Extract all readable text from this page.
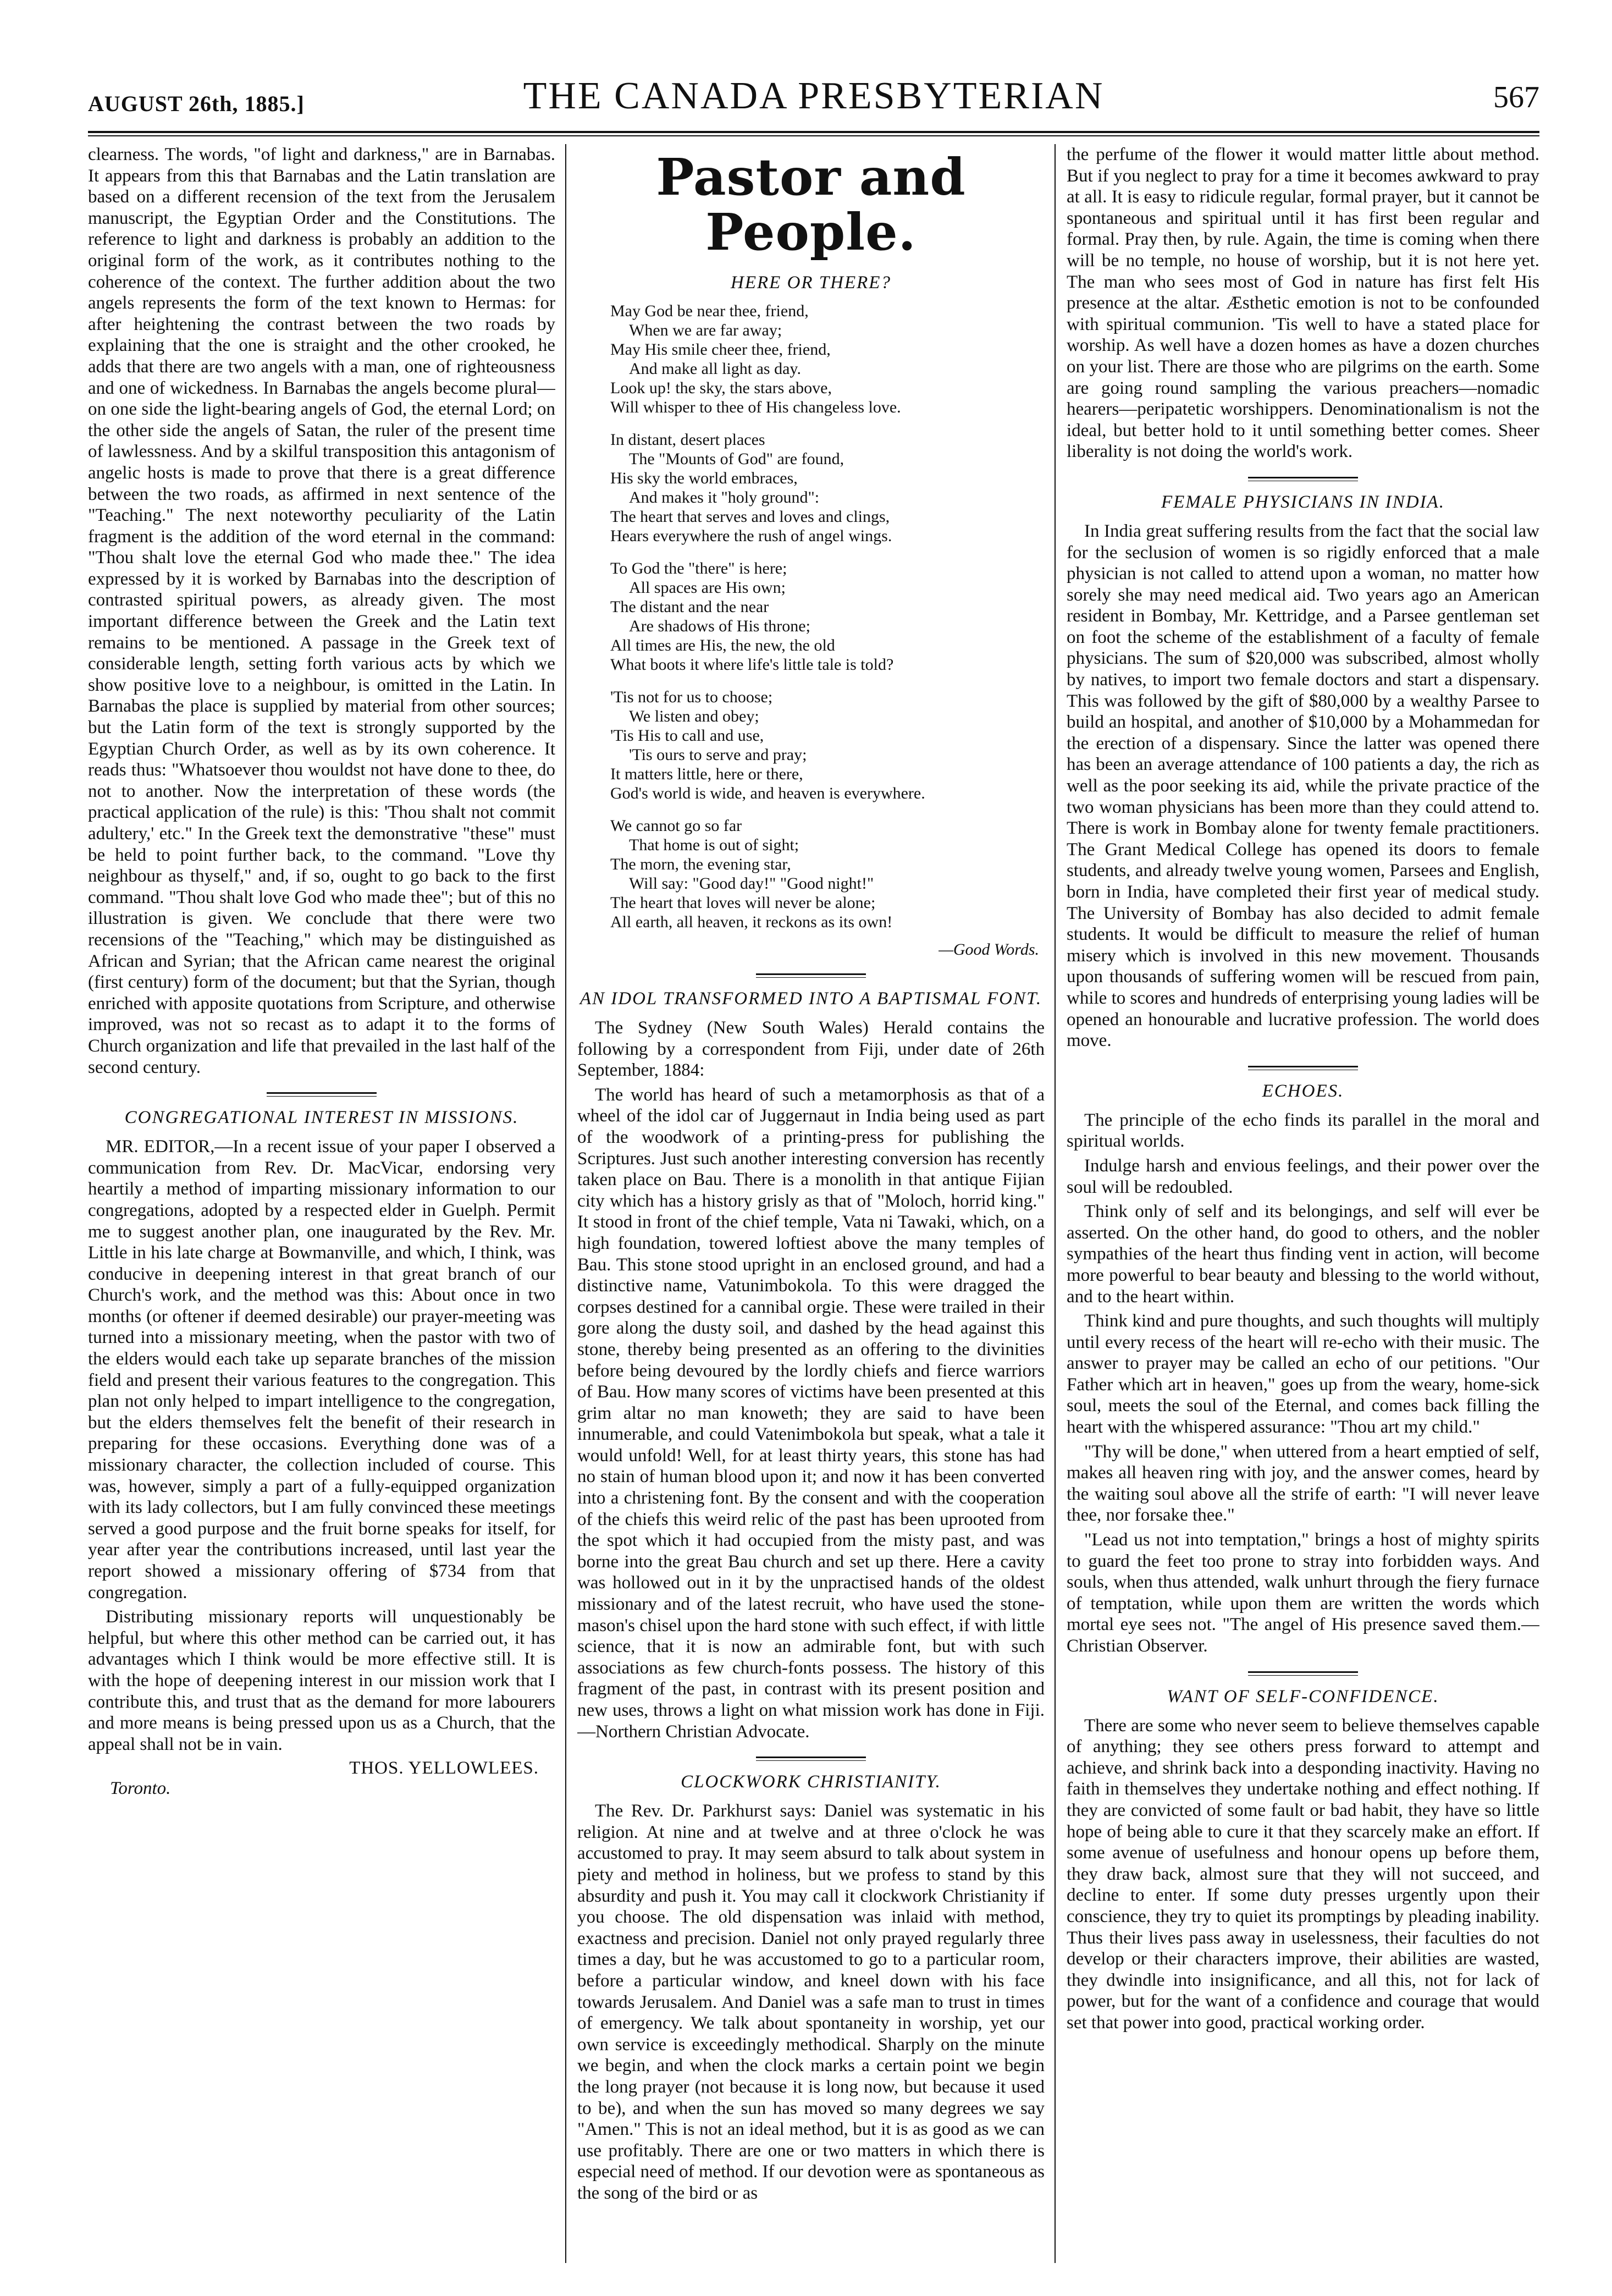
AUGUST 26th, 1885.]	THE CANADA PRESBYTERIAN	567

clearness. The words, "of light and darkness," are in Barnabas. It appears from this that Barnabas and the Latin translation are based on a different recension of the text from the Jerusalem manuscript, the Egyptian Order and the Constitutions. The reference to light and darkness is probably an addition to the original form of the work, as it contributes nothing to the coherence of the context. The further addition about the two angels represents the form of the text known to Hermas: for after heightening the contrast between the two roads by explaining that the one is straight and the other crooked, he adds that there are two angels with a man, one of righteousness and one of wickedness. In Barnabas the angels become plural—on one side the light-bearing angels of God, the eternal Lord; on the other side the angels of Satan, the ruler of the present time of lawlessness. And by a skilful transposition this antagonism of angelic hosts is made to prove that there is a great difference between the two roads, as affirmed in next sentence of the "Teaching." The next noteworthy peculiarity of the Latin fragment is the addition of the word eternal in the command: "Thou shalt love the eternal God who made thee." The idea expressed by it is worked by Barnabas into the description of contrasted spiritual powers, as already given. The most important difference between the Greek and the Latin text remains to be mentioned. A passage in the Greek text of considerable length, setting forth various acts by which we show positive love to a neighbour, is omitted in the Latin. In Barnabas the place is supplied by material from other sources; but the Latin form of the text is strongly supported by the Egyptian Church Order, as well as by its own coherence. It reads thus: "Whatsoever thou wouldst not have done to thee, do not to another. Now the interpretation of these words (the practical application of the rule) is this: 'Thou shalt not commit adultery,' etc." In the Greek text the demonstrative "these" must be held to point further back, to the command. "Love thy neighbour as thyself," and, if so, ought to go back to the first command. "Thou shalt love God who made thee"; but of this no illustration is given. We conclude that there were two recensions of the "Teaching," which may be distinguished as African and Syrian; that the African came nearest the original (first century) form of the document; but that the Syrian, though enriched with apposite quotations from Scripture, and otherwise improved, was not so recast as to adapt it to the forms of Church organization and life that prevailed in the last half of the second century.

CONGREGATIONAL INTEREST IN MISSIONS.

MR. EDITOR,—In a recent issue of your paper I observed a communication from Rev. Dr. MacVicar, endorsing very heartily a method of imparting missionary information to our congregations, adopted by a respected elder in Guelph. Permit me to suggest another plan, one inaugurated by the Rev. Mr. Little in his late charge at Bowmanville, and which, I think, was conducive in deepening interest in that great branch of our Church's work, and the method was this: About once in two months (or oftener if deemed desirable) our prayer-meeting was turned into a missionary meeting, when the pastor with two of the elders would each take up separate branches of the mission field and present their various features to the congregation. This plan not only helped to impart intelligence to the congregation, but the elders themselves felt the benefit of their research in preparing for these occasions. Everything done was of a missionary character, the collection included of course. This was, however, simply a part of a fully-equipped organization with its lady collectors, but I am fully convinced these meetings served a good purpose and the fruit borne speaks for itself, for year after year the contributions increased, until last year the report showed a missionary offering of $734 from that congregation.

Distributing missionary reports will unquestionably be helpful, but where this other method can be carried out, it has advantages which I think would be more effective still. It is with the hope of deepening interest in our mission work that I contribute this, and trust that as the demand for more labourers and more means is being pressed upon us as a Church, that the appeal shall not be in vain.

THOS. YELLOWLEES.
Toronto.
Pastor and People.
HERE OR THERE?
May God be near thee, friend,
When we are far away;
May His smile cheer thee, friend,
And make all light as day.
Look up! the sky, the stars above,
Will whisper to thee of His changeless love.
In distant, desert places
The "Mounts of God" are found,
His sky the world embraces,
And makes it "holy ground":
The heart that serves and loves and clings,
Hears everywhere the rush of angel wings.
To God the "there" is here;
All spaces are His own;
The distant and the near
Are shadows of His throne;
All times are His, the new, the old
What boots it where life's little tale is told?
'Tis not for us to choose;
We listen and obey;
'Tis His to call and use,
'Tis ours to serve and pray;
It matters little, here or there,
God's world is wide, and heaven is everywhere.
We cannot go so far
That home is out of sight;
The morn, the evening star,
Will say: "Good day!" "Good night!"
The heart that loves will never be alone;
All earth, all heaven, it reckons as its own!
—Good Words.
AN IDOL TRANSFORMED INTO A BAPTISMAL FONT.

The Sydney (New South Wales) Herald contains the following by a correspondent from Fiji, under date of 26th September, 1884:

The world has heard of such a metamorphosis as that of a wheel of the idol car of Juggernaut in India being used as part of the woodwork of a printing-press for publishing the Scriptures. Just such another interesting conversion has recently taken place on Bau. There is a monolith in that antique Fijian city which has a history grisly as that of "Moloch, horrid king." It stood in front of the chief temple, Vata ni Tawaki, which, on a high foundation, towered loftiest above the many temples of Bau. This stone stood upright in an enclosed ground, and had a distinctive name, Vatunimbokola. To this were dragged the corpses destined for a cannibal orgie. These were trailed in their gore along the dusty soil, and dashed by the head against this stone, thereby being presented as an offering to the divinities before being devoured by the lordly chiefs and fierce warriors of Bau. How many scores of victims have been presented at this grim altar no man knoweth; they are said to have been innumerable, and could Vatenimbokola but speak, what a tale it would unfold! Well, for at least thirty years, this stone has had no stain of human blood upon it; and now it has been converted into a christening font. By the consent and with the cooperation of the chiefs this weird relic of the past has been uprooted from the spot which it had occupied from the misty past, and was borne into the great Bau church and set up there. Here a cavity was hollowed out in it by the unpractised hands of the oldest missionary and of the latest recruit, who have used the stone-mason's chisel upon the hard stone with such effect, if with little science, that it is now an admirable font, but with such associations as few church-fonts possess. The history of this fragment of the past, in contrast with its present position and new uses, throws a light on what mission work has done in Fiji.—Northern Christian Advocate.

CLOCKWORK CHRISTIANITY.

The Rev. Dr. Parkhurst says: Daniel was systematic in his religion. At nine and at twelve and at three o'clock he was accustomed to pray. It may seem absurd to talk about system in piety and method in holiness, but we profess to stand by this absurdity and push it. You may call it clockwork Christianity if you choose. The old dispensation was inlaid with method, exactness and precision. Daniel not only prayed regularly three times a day, but he was accustomed to go to a particular room, before a particular window, and kneel down with his face towards Jerusalem. And Daniel was a safe man to trust in times of emergency. We talk about spontaneity in worship, yet our own service is exceedingly methodical. Sharply on the minute we begin, and when the clock marks a certain point we begin the long prayer (not because it is long now, but because it used to be), and when the sun has moved so many degrees we say "Amen." This is not an ideal method, but it is as good as we can use profitably. There are one or two matters in which there is especial need of method. If our devotion were as spontaneous as the song of the bird or as

the perfume of the flower it would matter little about method. But if you neglect to pray for a time it becomes awkward to pray at all. It is easy to ridicule regular, formal prayer, but it cannot be spontaneous and spiritual until it has first been regular and formal. Pray then, by rule. Again, the time is coming when there will be no temple, no house of worship, but it is not here yet. The man who sees most of God in nature has first felt His presence at the altar. Æsthetic emotion is not to be confounded with spiritual communion. 'Tis well to have a stated place for worship. As well have a dozen homes as have a dozen churches on your list. There are those who are pilgrims on the earth. Some are going round sampling the various preachers—nomadic hearers—peripatetic worshippers. Denominationalism is not the ideal, but better hold to it until something better comes. Sheer liberality is not doing the world's work.

FEMALE PHYSICIANS IN INDIA.

In India great suffering results from the fact that the social law for the seclusion of women is so rigidly enforced that a male physician is not called to attend upon a woman, no matter how sorely she may need medical aid. Two years ago an American resident in Bombay, Mr. Kettridge, and a Parsee gentleman set on foot the scheme of the establishment of a faculty of female physicians. The sum of $20,000 was subscribed, almost wholly by natives, to import two female doctors and start a dispensary. This was followed by the gift of $80,000 by a wealthy Parsee to build an hospital, and another of $10,000 by a Mohammedan for the erection of a dispensary. Since the latter was opened there has been an average attendance of 100 patients a day, the rich as well as the poor seeking its aid, while the private practice of the two woman physicians has been more than they could attend to. There is work in Bombay alone for twenty female practitioners. The Grant Medical College has opened its doors to female students, and already twelve young women, Parsees and English, born in India, have completed their first year of medical study. The University of Bombay has also decided to admit female students. It would be difficult to measure the relief of human misery which is involved in this new movement. Thousands upon thousands of suffering women will be rescued from pain, while to scores and hundreds of enterprising young ladies will be opened an honourable and lucrative profession. The world does move.

ECHOES.

The principle of the echo finds its parallel in the moral and spiritual worlds.

Indulge harsh and envious feelings, and their power over the soul will be redoubled.

Think only of self and its belongings, and self will ever be asserted. On the other hand, do good to others, and the nobler sympathies of the heart thus finding vent in action, will become more powerful to bear beauty and blessing to the world without, and to the heart within.

Think kind and pure thoughts, and such thoughts will multiply until every recess of the heart will re-echo with their music. The answer to prayer may be called an echo of our petitions. "Our Father which art in heaven," goes up from the weary, home-sick soul, meets the soul of the Eternal, and comes back filling the heart with the whispered assurance: "Thou art my child."

"Thy will be done," when uttered from a heart emptied of self, makes all heaven ring with joy, and the answer comes, heard by the waiting soul above all the strife of earth: "I will never leave thee, nor forsake thee."

"Lead us not into temptation," brings a host of mighty spirits to guard the feet too prone to stray into forbidden ways. And souls, when thus attended, walk unhurt through the fiery furnace of temptation, while upon them are written the words which mortal eye sees not. "The angel of His presence saved them.—Christian Observer.

WANT OF SELF-CONFIDENCE.

There are some who never seem to believe themselves capable of anything; they see others press forward to attempt and achieve, and shrink back into a desponding inactivity. Having no faith in themselves they undertake nothing and effect nothing. If they are convicted of some fault or bad habit, they have so little hope of being able to cure it that they scarcely make an effort. If some avenue of usefulness and honour opens up before them, they draw back, almost sure that they will not succeed, and decline to enter. If some duty presses urgently upon their conscience, they try to quiet its promptings by pleading inability. Thus their lives pass away in uselessness, their faculties do not develop or their characters improve, their abilities are wasted, they dwindle into insignificance, and all this, not for lack of power, but for the want of a confidence and courage that would set that power into good, practical working order.
